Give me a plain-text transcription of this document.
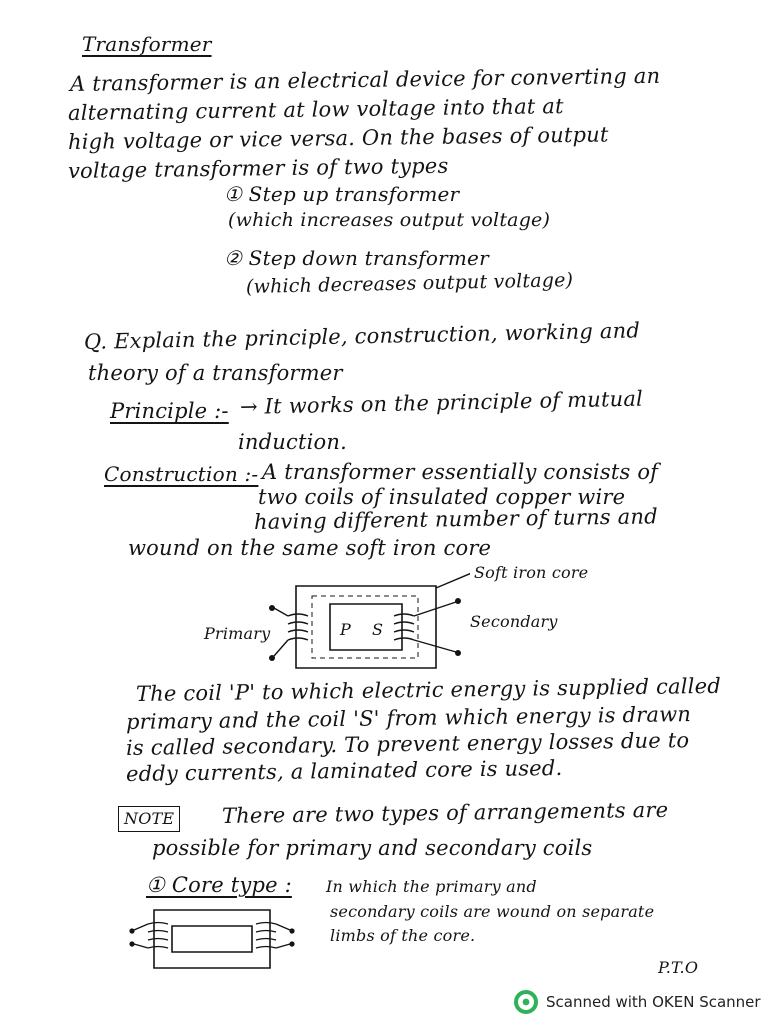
Transformer
A transformer is an electrical device for converting an
alternating current at low voltage into that at
high voltage or vice versa. On the bases of output
voltage transformer is of two types
① Step up transformer
(which increases output voltage)
② Step down transformer
(which decreases output voltage)
Q. Explain the principle, construction, working and
theory of a transformer
Principle :- → It works on the principle of mutual
induction.
Construction :- A transformer essentially consists of
two coils of insulated copper wire
having different number of turns and
wound on the same soft iron core
Soft iron core
Primary
Secondary
P S
The coil 'P' to which electric energy is supplied called
primary and the coil 'S' from which energy is drawn
is called secondary. To prevent energy losses due to
eddy currents, a laminated core is used.
NOTE There are two types of arrangements are
possible for primary and secondary coils
① Core type : In which the primary and
secondary coils are wound on separate
limbs of the core.
P.T.O
Scanned with OKEN Scanner
